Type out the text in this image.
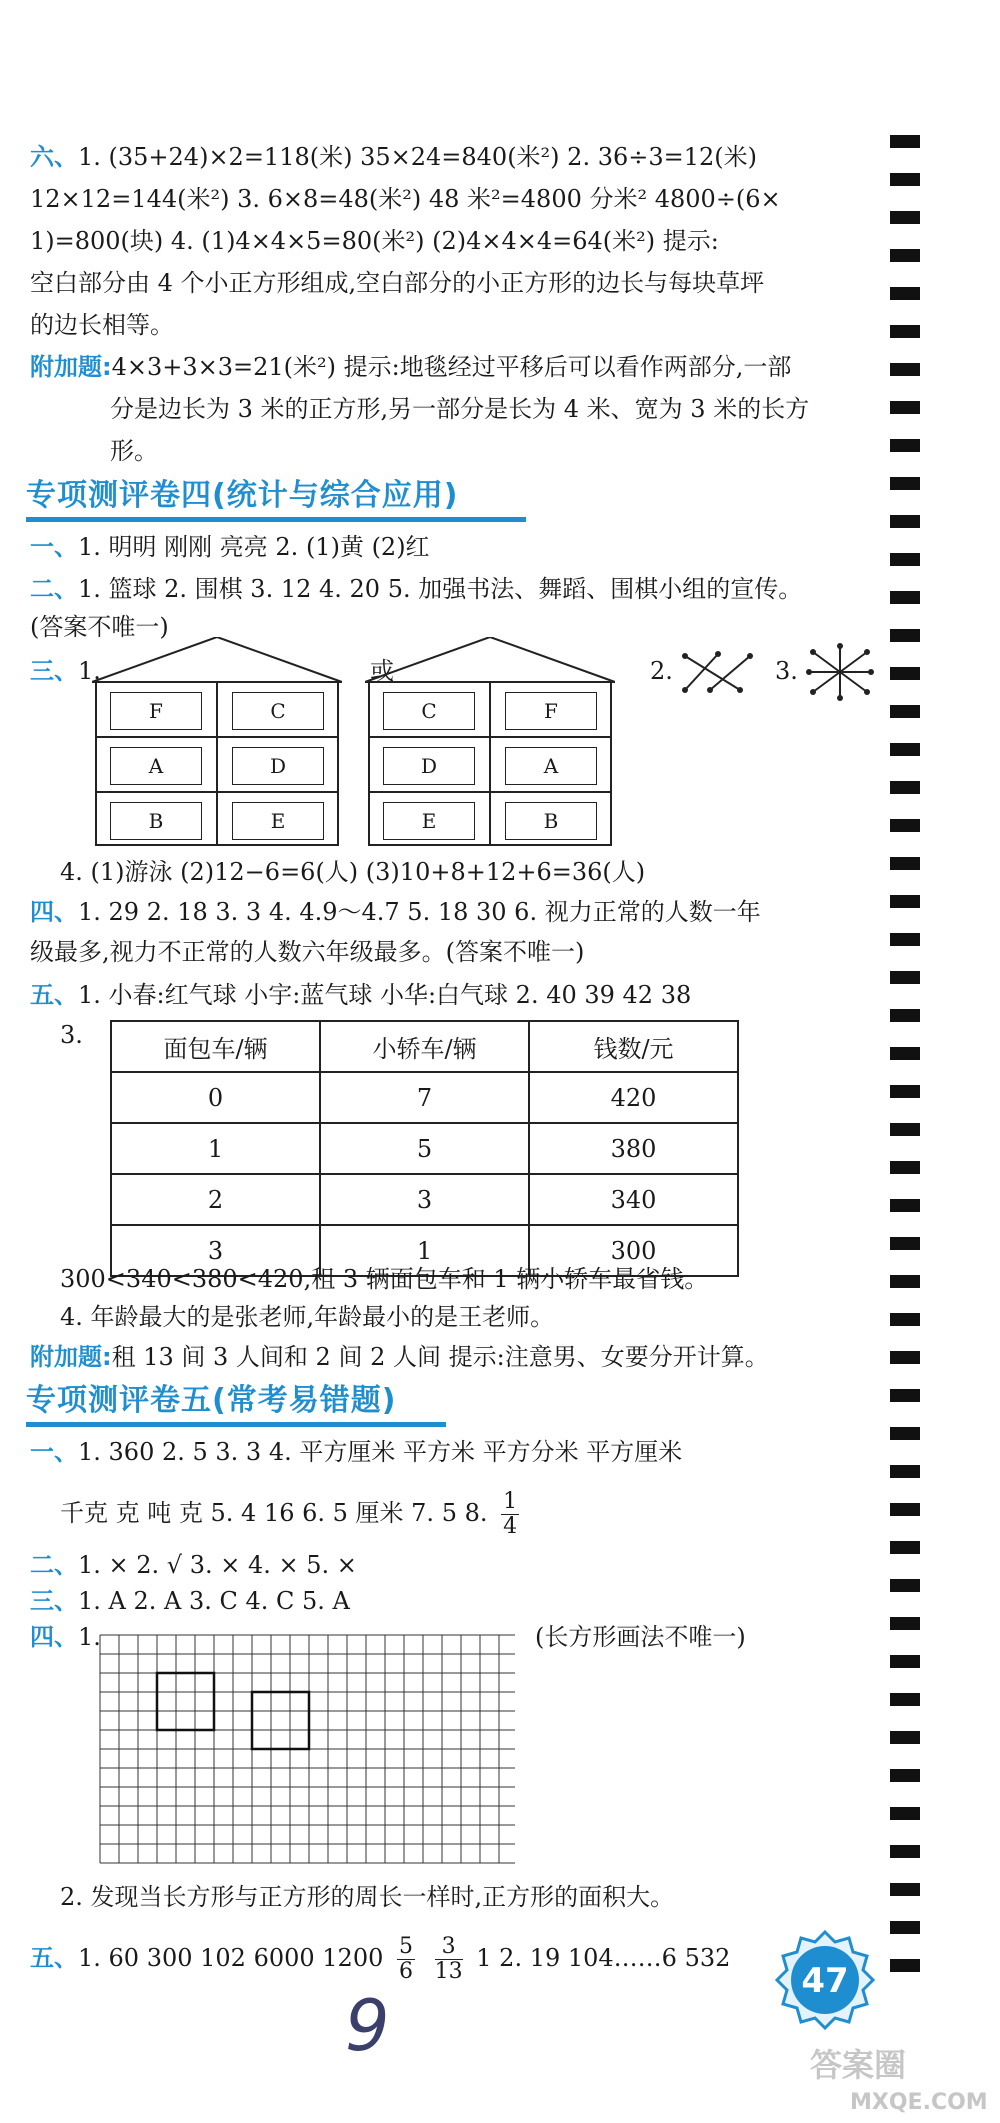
六、1. (35+24)×2=118(米) 35×24=840(米²) 2. 36÷3=12(米)
12×12=144(米²) 3. 6×8=48(米²) 48 米²=4800 分米² 4800÷(6×
1)=800(块) 4. (1)4×4×5=80(米²) (2)4×4×4=64(米²) 提示:
空白部分由 4 个小正方形组成,空白部分的小正方形的边长与每块草坪
的边长相等。
附加题:4×3+3×3=21(米²) 提示:地毯经过平移后可以看作两部分,一部
分是边长为 3 米的正方形,另一部分是长为 4 米、宽为 3 米的长方
形。
专项测评卷四(统计与综合应用)
一、1. 明明 刚刚 亮亮 2. (1)黄 (2)红
二、1. 篮球 2. 围棋 3. 12 4. 20 5. 加强书法、舞蹈、围棋小组的宣传。
(答案不唯一)
三、1.	或	2.	3.
F	C
A	D
B	E
C	F
D	A
E	B
4. (1)游泳 (2)12−6=6(人) (3)10+8+12+6=36(人)
四、1. 29 2. 18 3. 3 4. 4.9～4.7 5. 18 30 6. 视力正常的人数一年
级最多,视力不正常的人数六年级最多。(答案不唯一)
五、1. 小春:红气球 小宇:蓝气球 小华:白气球 2. 40 39 42 38
3.	面包车/辆	小轿车/辆	钱数/元
0	7	420
1	5	380
2	3	340
3	1	300
300<340<380<420,租 3 辆面包车和 1 辆小轿车最省钱。
4. 年龄最大的是张老师,年龄最小的是王老师。
附加题:租 13 间 3 人间和 2 间 2 人间 提示:注意男、女要分开计算。
专项测评卷五(常考易错题)
一、1. 360 2. 5 3. 3 4. 平方厘米 平方米 平方分米 平方厘米
千克 克 吨 克 5. 4 16 6. 5 厘米 7. 5 8. $\frac{1}{4}$
二、1. × 2. √ 3. × 4. × 5. ×
三、1. A 2. A 3. C 4. C 5. A
四、1.	(长方形画法不唯一)
2. 发现当长方形与正方形的周长一样时,正方形的面积大。
五、1. 60 300 102 6000 $1200 \frac{5}{6}$
$\frac{3}{13} 1$ 2. 19 104……6 532
47
9	答案圈
MXQE.COM
